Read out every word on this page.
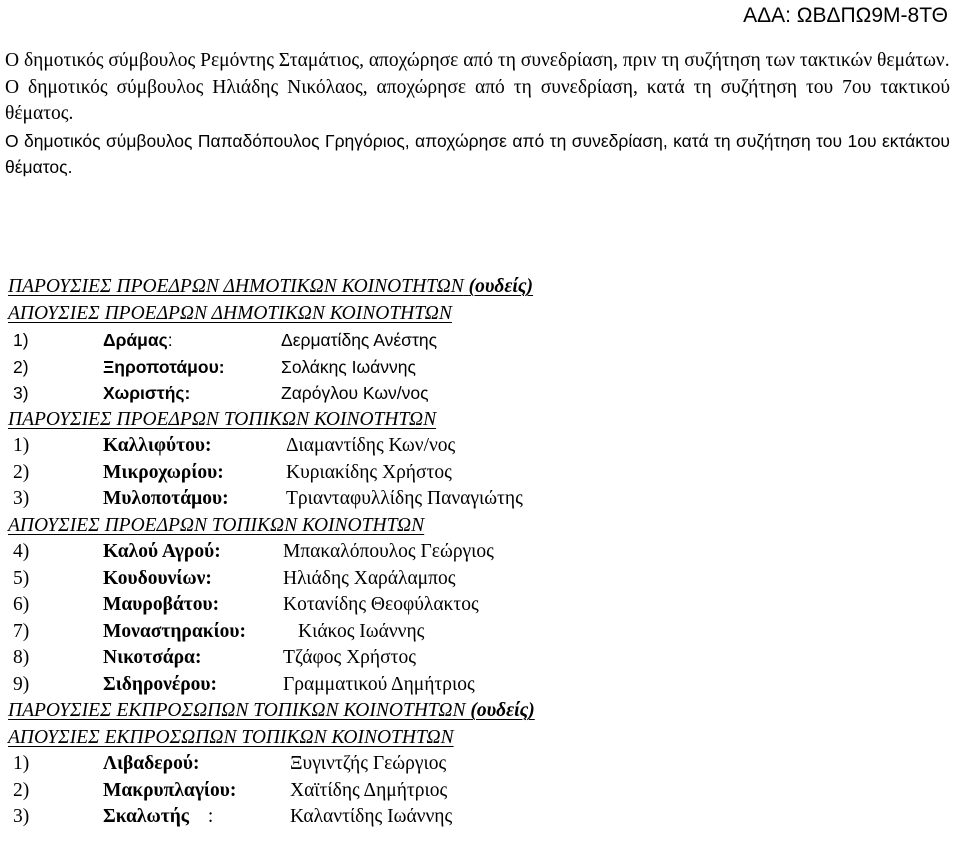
ΑΔΑ: ΩΒΔΠΩ9Μ-8ΤΘ

Ο δημοτικός σύμβουλος Ρεμόντης Σταμάτιος, αποχώρησε από τη συνεδρίαση, πριν τη συζήτηση των τακτικών θεμάτων.

Ο δημοτικός σύμβουλος Ηλιάδης Νικόλαος, αποχώρησε από τη συνεδρίαση, κατά τη συζήτηση του 7ου τακτικού θέματος.

Ο δημοτικός σύμβουλος Παπαδόπουλος Γρηγόριος, αποχώρησε από τη συνεδρίαση, κατά τη συζήτηση του 1ου εκτάκτου θέματος.

ΠΑΡΟΥΣΙΕΣ ΠΡΟΕΔΡΩΝ ΔΗΜΟΤΙΚΩΝ ΚΟΙΝΟΤΗΤΩΝ (ουδείς)
ΑΠΟΥΣΙΕΣ ΠΡΟΕΔΡΩΝ ΔΗΜΟΤΙΚΩΝ ΚΟΙΝΟΤΗΤΩΝ
1)	Δράμας:	Δερματίδης Ανέστης
2)	Ξηροποτάμου:	Σολάκης Ιωάννης
3)	Χωριστής:	Ζαρόγλου Κων/νος
ΠΑΡΟΥΣΙΕΣ ΠΡΟΕΔΡΩΝ ΤΟΠΙΚΩΝ ΚΟΙΝΟΤΗΤΩΝ
1)	Καλλιφύτου:	Διαμαντίδης Κων/νος
2)	Μικροχωρίου:	Κυριακίδης Χρήστος
3)	Μυλοποτάμου:	Τριανταφυλλίδης Παναγιώτης
ΑΠΟΥΣΙΕΣ ΠΡΟΕΔΡΩΝ ΤΟΠΙΚΩΝ ΚΟΙΝΟΤΗΤΩΝ
4)	Καλού Αγρού:	Μπακαλόπουλος Γεώργιος
5)	Κουδουνίων:	Ηλιάδης Χαράλαμπος
6)	Μαυροβάτου:	Κοτανίδης Θεοφύλακτος
7)	Μοναστηρακίου:	Κιάκος Ιωάννης
8)	Νικοτσάρα:	Τζάφος Χρήστος
9)	Σιδηρονέρου:	Γραμματικού Δημήτριος
ΠΑΡΟΥΣΙΕΣ ΕΚΠΡΟΣΩΠΩΝ ΤΟΠΙΚΩΝ ΚΟΙΝΟΤΗΤΩΝ (ουδείς)
ΑΠΟΥΣΙΕΣ ΕΚΠΡΟΣΩΠΩΝ ΤΟΠΙΚΩΝ ΚΟΙΝΟΤΗΤΩΝ
1)	Λιβαδερού:	Ξυγιντζής Γεώργιος
2)	Μακρυπλαγίου:	Χαϊτίδης Δημήτριος
3)	Σκαλωτής :	Καλαντίδης Ιωάννης
